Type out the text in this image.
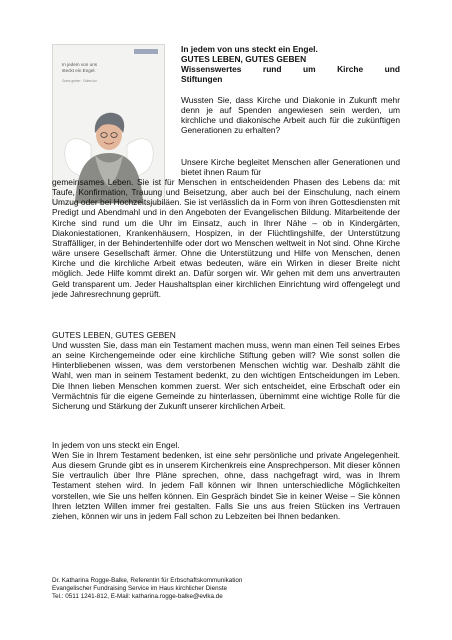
In jedem von uns
steckt ein Engel.
Gutes geben · Gutes tun

In jedem von uns steckt ein Engel.

GUTES LEBEN, GUTES GEBEN

Wissenswertes rund um Kirche und Stiftungen

Wussten Sie, dass Kirche und Diakonie in Zukunft mehr denn je auf Spenden angewiesen sein werden, um kirchliche und diakonische Arbeit auch für die zukünftigen Generationen zu erhalten?

Unsere Kirche begleitet Menschen aller Generationen und bietet ihnen Raum für

gemeinsames Leben. Sie ist für Menschen in entscheidenden Phasen des Lebens da: mit Taufe, Konfirmation, Trauung und Beisetzung, aber auch bei der Einschulung, nach einem Umzug oder bei Hochzeitsjubiläen. Sie ist verlässlich da in Form von ihren Gottesdiensten mit Predigt und Abendmahl und in den Angeboten der Evangelischen Bildung. Mitarbeitende der Kirche sind rund um die Uhr im Einsatz, auch in Ihrer Nähe – ob in Kindergärten, Diakoniestationen, Krankenhäusern, Hospizen, in der Flüchtlingshilfe, der Unterstützung Straffälliger, in der Behindertenhilfe oder dort wo Menschen weltweit in Not sind. Ohne Kirche wäre unsere Gesellschaft ärmer. Ohne die Unterstützung und Hilfe von Menschen, denen Kirche und die kirchliche Arbeit etwas bedeuten, wäre ein Wirken in dieser Breite nicht möglich. Jede Hilfe kommt direkt an. Dafür sorgen wir. Wir gehen mit dem uns anvertrauten Geld transparent um. Jeder Haushaltsplan einer kirchlichen Einrichtung wird offengelegt und jede Jahresrechnung geprüft.

GUTES LEBEN, GUTES GEBEN

Und wussten Sie, dass man ein Testament machen muss, wenn man einen Teil seines Erbes an seine Kirchengemeinde oder eine kirchliche Stiftung geben will? Wie sonst sollen die Hinterbliebenen wissen, was dem verstorbenen Menschen wichtig war. Deshalb zählt die Wahl, wen man in seinem Testament bedenkt, zu den wichtigen Entscheidungen im Leben. Die Ihnen lieben Menschen kommen zuerst. Wer sich entscheidet, eine Erbschaft oder ein Vermächtnis für die eigene Gemeinde zu hinterlassen, übernimmt eine wichtige Rolle für die Sicherung und Stärkung der Zukunft unserer kirchlichen Arbeit.

In jedem von uns steckt ein Engel.

Wen Sie in Ihrem Testament bedenken, ist eine sehr persönliche und private Angelegenheit. Aus diesem Grunde gibt es in unserem Kirchenkreis eine Ansprechperson. Mit dieser können Sie vertraulich über Ihre Pläne sprechen, ohne, dass nachgefragt wird, was in Ihrem Testament stehen wird. In jedem Fall können wir Ihnen unterschiedliche Möglichkeiten vorstellen, wie Sie uns helfen können. Ein Gespräch bindet Sie in keiner Weise – Sie können Ihren letzten Willen immer frei gestalten. Falls Sie uns aus freien Stücken ins Vertrauen ziehen, können wir uns in jedem Fall schon zu Lebzeiten bei Ihnen bedanken.

Dr. Katharina Rogge-Balke, Referentin für Erbschaftskommunikation
Evangelischer Fundraising Service im Haus kirchlicher Dienste
Tel.: 0511 1241-812, E-Mail: katharina.rogge-balke@evlka.de
